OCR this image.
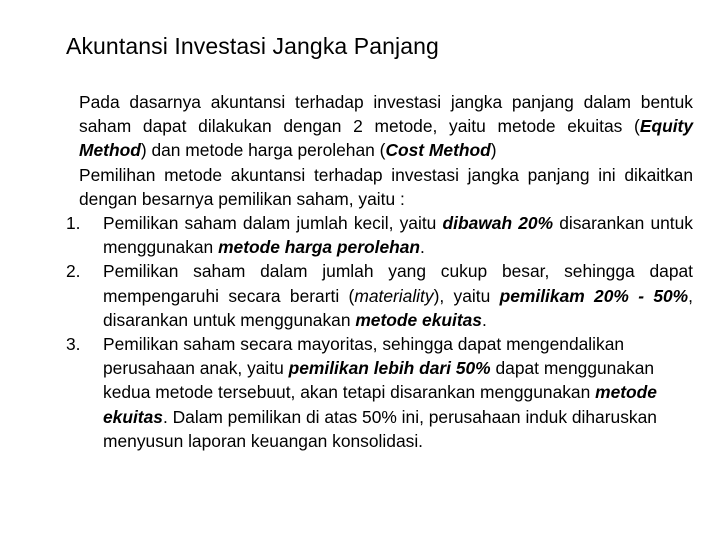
Akuntansi Investasi Jangka Panjang

Pada dasarnya akuntansi terhadap investasi jangka panjang dalam bentuk saham dapat dilakukan dengan 2 metode, yaitu metode ekuitas (Equity Method) dan metode harga perolehan (Cost Method)

Pemilihan metode akuntansi terhadap investasi jangka panjang ini dikaitkan dengan besarnya pemilikan saham, yaitu :

1. Pemilikan saham dalam jumlah kecil, yaitu dibawah 20% disarankan untuk menggunakan metode harga perolehan.
2. Pemilikan saham dalam jumlah yang cukup besar, sehingga dapat mempengaruhi secara berarti (materiality), yaitu pemilikam 20% - 50%, disarankan untuk menggunakan metode ekuitas.
3. Pemilikan saham secara mayoritas, sehingga dapat mengendalikan perusahaan anak, yaitu pemilikan lebih dari 50% dapat menggunakan kedua metode tersebuut, akan tetapi disarankan menggunakan metode ekuitas. Dalam pemilikan di atas 50% ini, perusahaan induk diharuskan menyusun laporan keuangan konsolidasi.
